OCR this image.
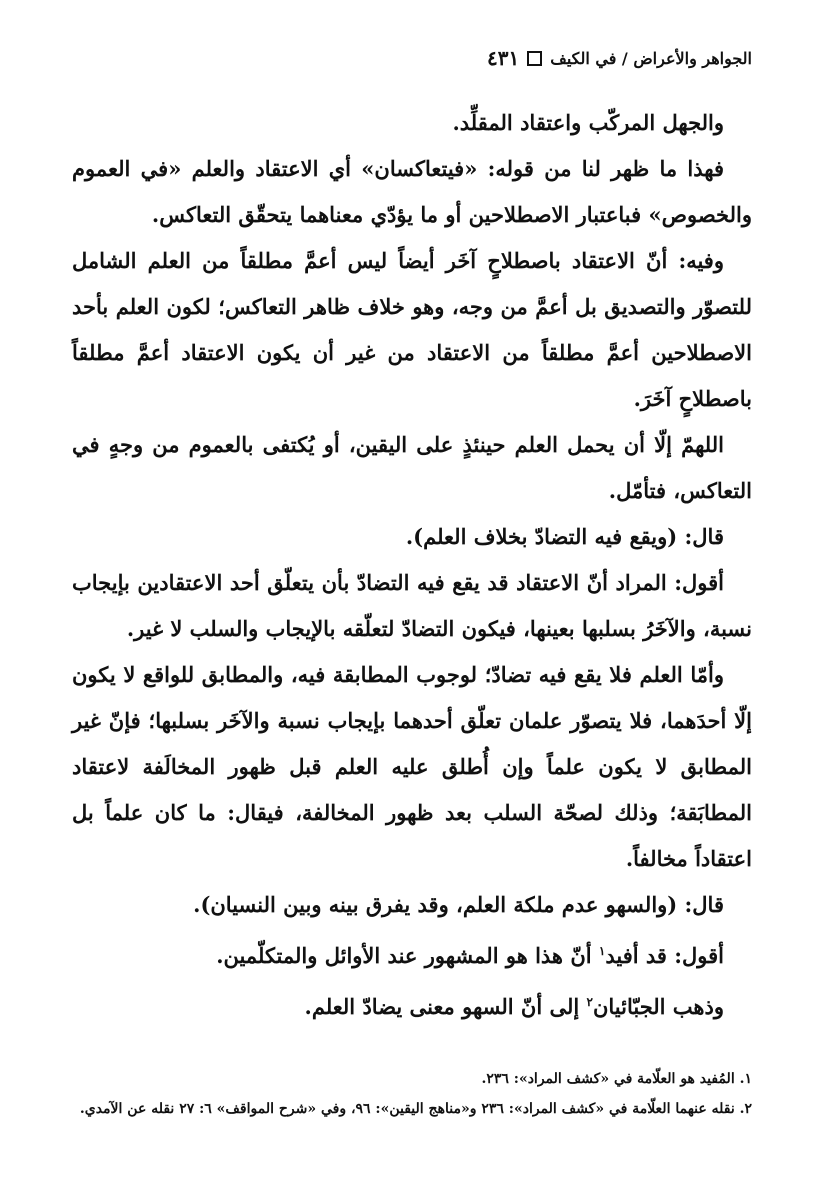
الجواهر والأعراض / في الكيف
٤٣١

والجهل المركّب واعتقاد المقلِّد.

فهذا ما ظهر لنا من قوله: «فيتعاكسان» أي الاعتقاد والعلم «في العموم والخصوص» فباعتبار الاصطلاحين أو ما يؤدّي معناهما يتحقّق التعاكس.

وفيه: أنّ الاعتقاد باصطلاحٍ آخَر أيضاً ليس أعمَّ مطلقاً من العلم الشامل للتصوّر والتصديق بل أعمَّ من وجه، وهو خلاف ظاهر التعاكس؛ لكون العلم بأحد الاصطلاحين أعمَّ مطلقاً من الاعتقاد من غير أن يكون الاعتقاد أعمَّ مطلقاً باصطلاحٍ آخَرَ.

اللهمّ إلّا أن يحمل العلم حينئذٍ على اليقين، أو يُكتفى بالعموم من وجهٍ في التعاكس، فتأمّل.

قال: (ويقع فيه التضادّ بخلاف العلم).

أقول: المراد أنّ الاعتقاد قد يقع فيه التضادّ بأن يتعلّق أحد الاعتقادين بإيجاب نسبة، والآخَرُ بسلبها بعينها، فيكون التضادّ لتعلّقه بالإيجاب والسلب لا غير.

وأمّا العلم فلا يقع فيه تضادّ؛ لوجوب المطابقة فيه، والمطابق للواقع لا يكون إلّا أحدَهما، فلا يتصوّر علمان تعلّق أحدهما بإيجاب نسبة والآخَر بسلبها؛ فإنّ غير المطابق لا يكون علماً وإن أُطلق عليه العلم قبل ظهور المخالَفة لاعتقاد المطابَقة؛ وذلك لصحّة السلب بعد ظهور المخالفة، فيقال: ما كان علماً بل اعتقاداً مخالفاً.

قال: (والسهو عدم ملكة العلم، وقد يفرق بينه وبين النسيان).

أقول: قد أفيد$^١$ أنّ هذا هو المشهور عند الأوائل والمتكلّمين.

وذهب الجبّائيان$^٢$ إلى أنّ السهو معنى يضادّ العلم.

١. المُفيد هو العلّامة في «كشف المراد»: ٢٣٦.
٢. نقله عنهما العلّامة في «كشف المراد»: ٢٣٦ و«مناهج اليقين»: ٩٦، وفي «شرح المواقف» ٦: ٢٧ نقله عن الآمدي.
